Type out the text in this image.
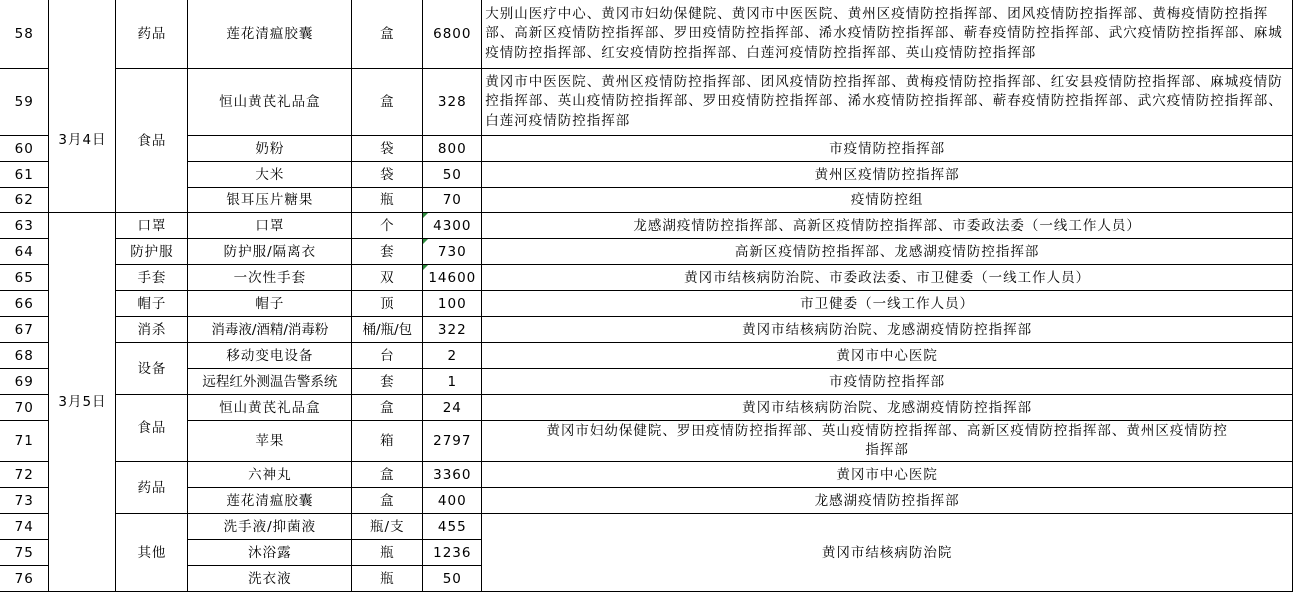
58		药品	莲花清瘟胶囊	盒	6800	大别山医疗中心、黄冈市妇幼保健院、黄冈市中医医院、黄州区疫情防控指挥部、团风疫情防控指挥部、黄梅疫情防控指挥部、高新区疫情防控指挥部、罗田疫情防控指挥部、浠水疫情防控指挥部、蕲春疫情防控指挥部、武穴疫情防控指挥部、麻城疫情防控指挥部、红安疫情防控指挥部、白莲河疫情防控指挥部、英山疫情防控指挥部
59	3月4日	食品	恒山黄芪礼品盒	盒	328	黄冈市中医医院、黄州区疫情防控指挥部、团风疫情防控指挥部、黄梅疫情防控指挥部、红安县疫情防控指挥部、麻城疫情防控指挥部、英山疫情防控指挥部、罗田疫情防控指挥部、浠水疫情防控指挥部、蕲春疫情防控指挥部、武穴疫情防控指挥部、白莲河疫情防控指挥部
60			奶粉	袋	800	市疫情防控指挥部
61			大米	袋	50	黄州区疫情防控指挥部
62			银耳压片糖果	瓶	70	疫情防控组
63	3月5日	口罩	口罩	个	4300	龙感湖疫情防控指挥部、高新区疫情防控指挥部、市委政法委（一线工作人员）
64		防护服	防护服/隔离衣	套	730	高新区疫情防控指挥部、龙感湖疫情防控指挥部
65		手套	一次性手套	双	14600	黄冈市结核病防治院、市委政法委、市卫健委（一线工作人员）
66		帽子	帽子	顶	100	市卫健委（一线工作人员）
67		消杀	消毒液/酒精/消毒粉	桶/瓶/包	322	黄冈市结核病防治院、龙感湖疫情防控指挥部
68		设备	移动变电设备	台	2	黄冈市中心医院
69			远程红外测温告警系统	套	1	市疫情防控指挥部
70		食品	恒山黄芪礼品盒	盒	24	黄冈市结核病防治院、龙感湖疫情防控指挥部
71			苹果	箱	2797	黄冈市妇幼保健院、罗田疫情防控指挥部、英山疫情防控指挥部、高新区疫情防控指挥部、黄州区疫情防控指挥部
72		药品	六神丸	盒	3360	黄冈市中心医院
73			莲花清瘟胶囊	盒	400	龙感湖疫情防控指挥部
74		其他	洗手液/抑菌液	瓶/支	455	黄冈市结核病防治院
75			沐浴露	瓶	1236	
76			洗衣液	瓶	50	
